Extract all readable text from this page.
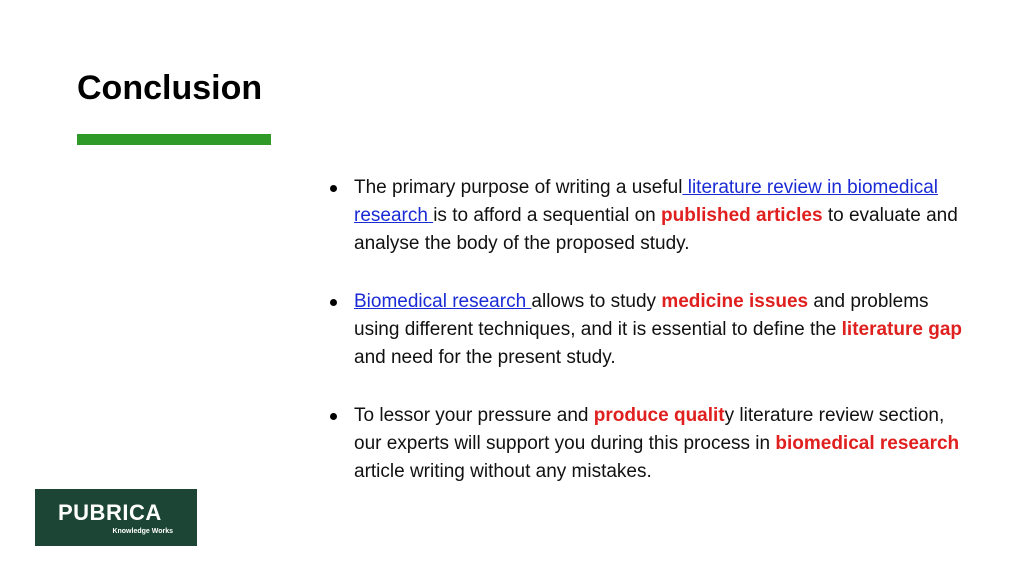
Conclusion
The primary purpose of writing a useful literature review in biomedical research is to afford a sequential on published articles to evaluate and analyse the body of the proposed study.
Biomedical research allows to study medicine issues and problems using different techniques, and it is essential to define the literature gap and need for the present study.
To lessor your pressure and produce quality literature review section, our experts will support you during this process in biomedical research article writing without any mistakes.
PUBRICA
Knowledge Works
